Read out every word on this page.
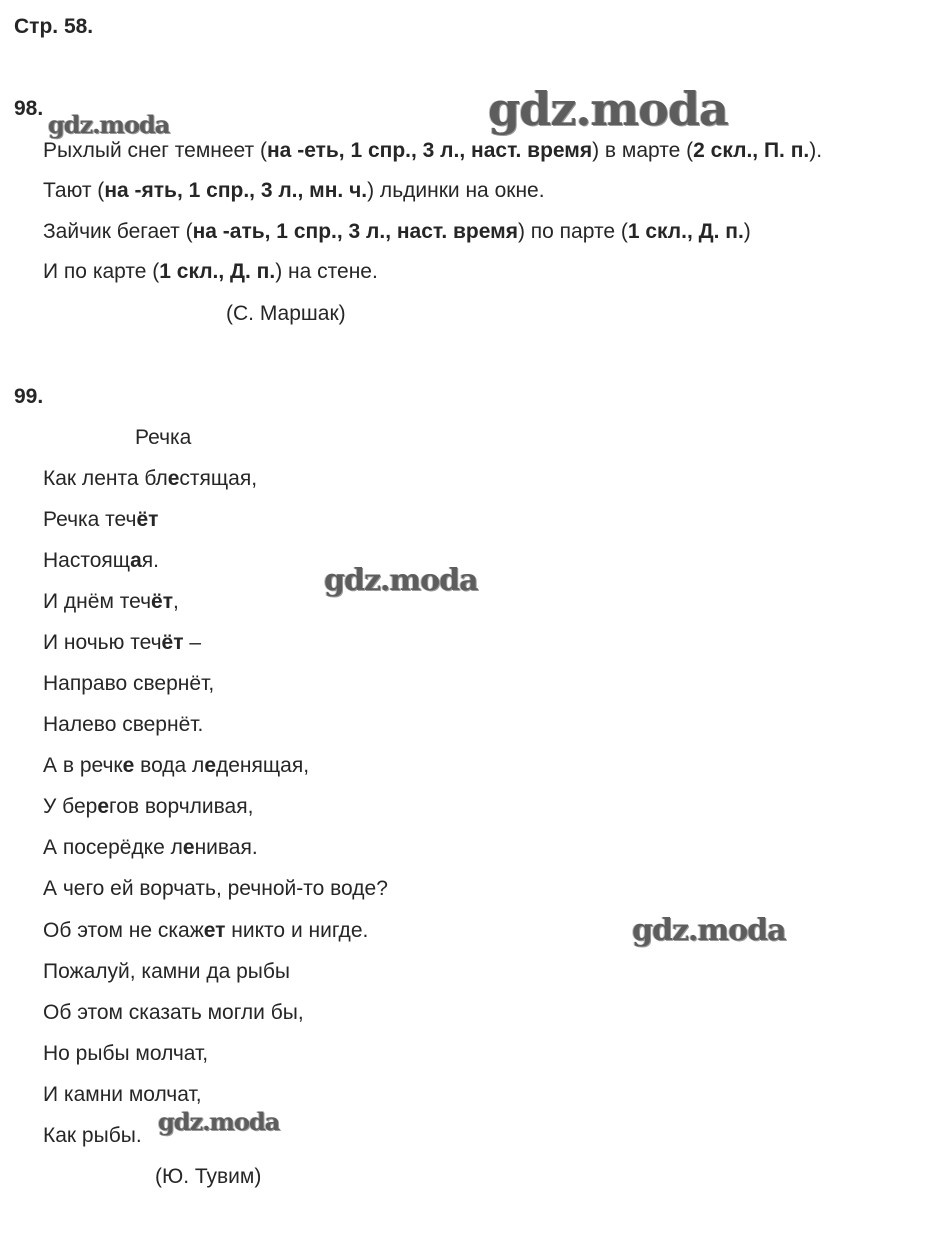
Стр. 58.
98.
Рыхлый снег темнеет (на -еть, 1 спр., 3 л., наст. время) в марте (2 скл., П. п.).
Тают (на -ять, 1 спр., 3 л., мн. ч.) льдинки на окне.
Зайчик бегает (на -ать, 1 спр., 3 л., наст. время) по парте (1 скл., Д. п.)
И по карте (1 скл., Д. п.) на стене.
(С. Маршак)
99.
Речка
Как лента блестящая,
Речка течёт
Настоящая.
И днём течёт,
И ночью течёт –
Направо свернёт,
Налево свернёт.
А в речке вода леденящая,
У берегов ворчливая,
А посерёдке ленивая.
А чего ей ворчать, речной-то воде?
Об этом не скажет никто и нигде.
Пожалуй, камни да рыбы
Об этом сказать могли бы,
Но рыбы молчат,
И камни молчат,
Как рыбы.
(Ю. Тувим)
gdz.moda	gdz.moda
gdz.moda
gdz.moda
gdz.moda
